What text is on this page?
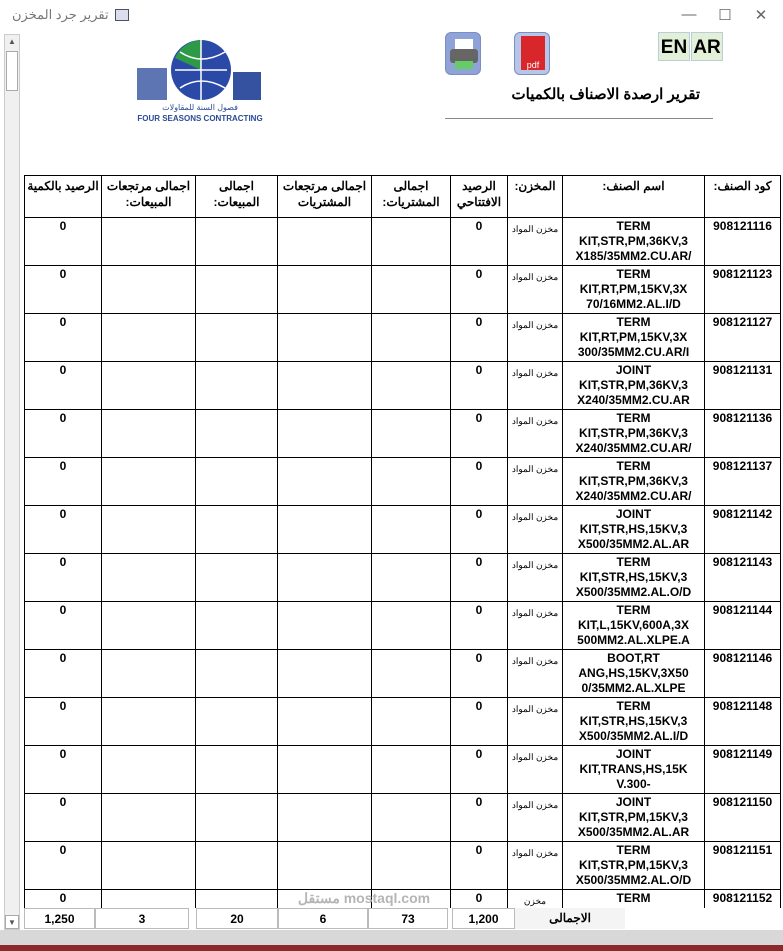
تقرير جرد المخزن	—	☐	✕
▲
▼
فصول السنة للمقاولات
FOUR SEASONS CONTRACTING
pdf
EN AR
تقرير ارصدة الاصناف بالكميات
الرصيد بالكمية	اجمالى مرتجعات المبيعات:	اجمالى المبيعات:	اجمالى مرتجعات المشتريات	اجمالى المشتريات:	الرصيد الافتتاحي	المخزن:	اسم الصنف:	كود الصنف:
0					0	مخزن المواد	TERM KIT,STR,PM,36KV,3 X185/35MM2.CU.AR/	908121116
0					0	مخزن المواد	TERM KIT,RT,PM,15KV,3X 70/16MM2.AL.I/D	908121123
0					0	مخزن المواد	TERM KIT,RT,PM,15KV,3X 300/35MM2.CU.AR/I	908121127
0					0	مخزن المواد	JOINT KIT,STR,PM,36KV,3 X240/35MM2.CU.AR	908121131
0					0	مخزن المواد	TERM KIT,STR,PM,36KV,3 X240/35MM2.CU.AR/	908121136
0					0	مخزن المواد	TERM KIT,STR,PM,36KV,3 X240/35MM2.CU.AR/	908121137
0					0	مخزن المواد	JOINT KIT,STR,HS,15KV,3 X500/35MM2.AL.AR	908121142
0					0	مخزن المواد	TERM KIT,STR,HS,15KV,3 X500/35MM2.AL.O/D	908121143
0					0	مخزن المواد	TERM KIT,L,15KV,600A,3X 500MM2.AL.XLPE.A	908121144
0					0	مخزن المواد	BOOT,RT ANG,HS,15KV,3X50 0/35MM2.AL.XLPE	908121146
0					0	مخزن المواد	TERM KIT,STR,HS,15KV,3 X500/35MM2.AL.I/D	908121148
0					0	مخزن المواد	JOINT KIT,TRANS,HS,15K V.300-	908121149
0					0	مخزن المواد	JOINT KIT,STR,PM,15KV,3 X500/35MM2.AL.AR	908121150
0					0	مخزن المواد	TERM KIT,STR,PM,15KV,3 X500/35MM2.AL.O/D	908121151
0					0	مخزن	TERM	908121152
مستقل mostaql.com
1,250	3	20	6	73	1,200	الاجمالى
